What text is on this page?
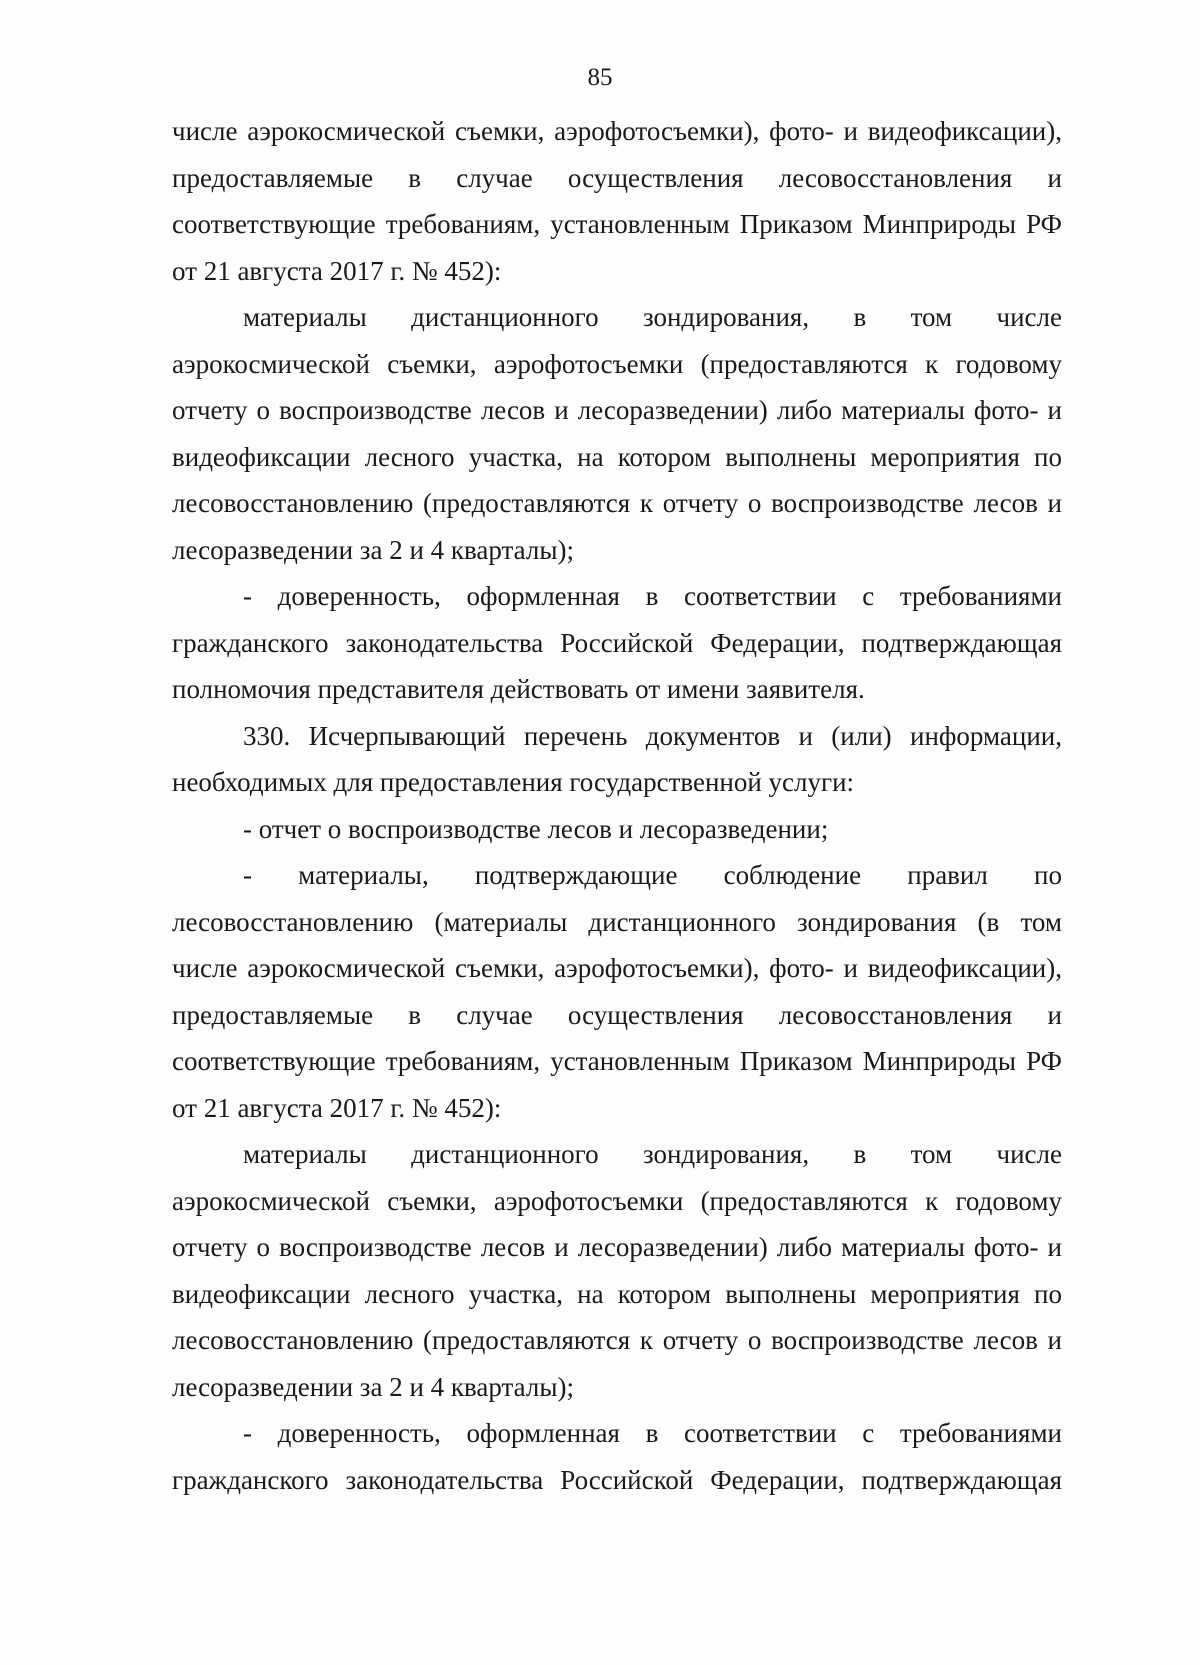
85

числе аэрокосмической съемки, аэрофотосъемки), фото- и видеофиксации), предоставляемые в случае осуществления лесовосстановления и соответствующие требованиям, установленным Приказом Минприроды РФ от 21 августа 2017 г. № 452):

материалы дистанционного зондирования, в том числе аэрокосмической съемки, аэрофотосъемки (предоставляются к годовому отчету о воспроизводстве лесов и лесоразведении) либо материалы фото- и видеофиксации лесного участка, на котором выполнены мероприятия по лесовосстановлению (предоставляются к отчету о воспроизводстве лесов и лесоразведении за 2 и 4 кварталы);

- доверенность, оформленная в соответствии с требованиями гражданского законодательства Российской Федерации, подтверждающая полномочия представителя действовать от имени заявителя.

330. Исчерпывающий перечень документов и (или) информации, необходимых для предоставления государственной услуги:

- отчет о воспроизводстве лесов и лесоразведении;

- материалы, подтверждающие соблюдение правил по лесовосстановлению (материалы дистанционного зондирования (в том числе аэрокосмической съемки, аэрофотосъемки), фото- и видеофиксации), предоставляемые в случае осуществления лесовосстановления и соответствующие требованиям, установленным Приказом Минприроды РФ от 21 августа 2017 г. № 452):

материалы дистанционного зондирования, в том числе аэрокосмической съемки, аэрофотосъемки (предоставляются к годовому отчету о воспроизводстве лесов и лесоразведении) либо материалы фото- и видеофиксации лесного участка, на котором выполнены мероприятия по лесовосстановлению (предоставляются к отчету о воспроизводстве лесов и лесоразведении за 2 и 4 кварталы);

- доверенность, оформленная в соответствии с требованиями гражданского законодательства Российской Федерации, подтверждающая
